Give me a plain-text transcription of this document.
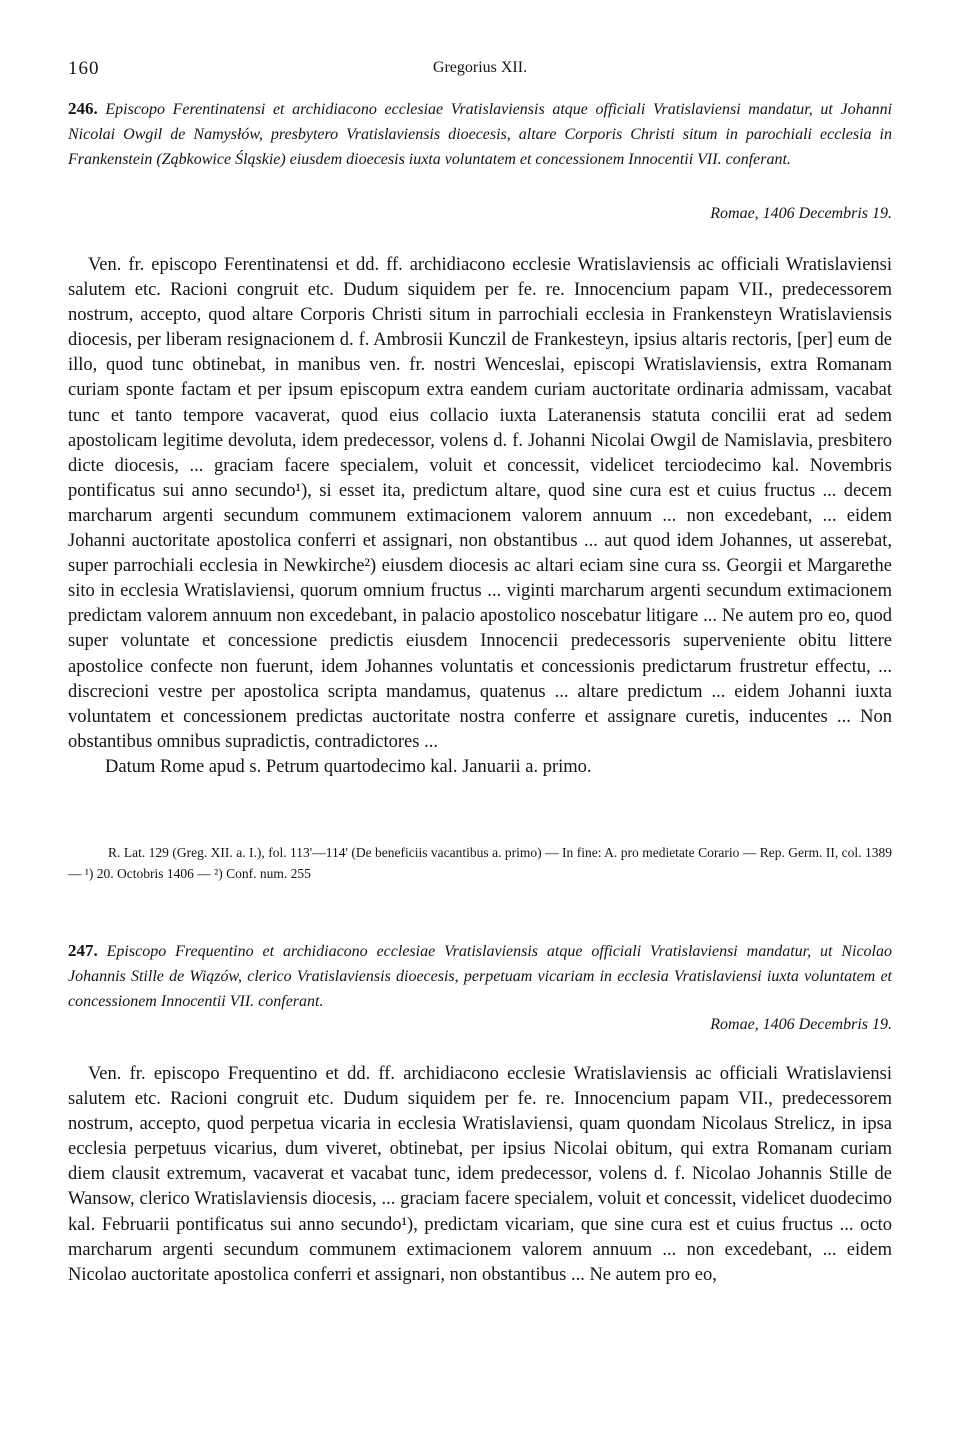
160	Gregorius XII.
246. Episcopo Ferentinatensi et archidiacono ecclesiae Vratislaviensis atque officiali Vratislaviensi mandatur, ut Johanni Nicolai Owgil de Namysłów, presbytero Vratislaviensis dioecesis, altare Corporis Christi situm in parochiali ecclesia in Frankenstein (Ząbkowice Śląskie) eiusdem dioecesis iuxta voluntatem et concessionem Innocentii VII. conferant.
Romae, 1406 Decembris 19.

Ven. fr. episcopo Ferentinatensi et dd. ff. archidiacono ecclesie Wratislaviensis ac officiali Wratislaviensi salutem etc. Racioni congruit etc. Dudum siquidem per fe. re. Innocencium papam VII., predecessorem nostrum, accepto, quod altare Corporis Christi situm in parrochiali ecclesia in Frankensteyn Wratislaviensis diocesis, per liberam resignacionem d. f. Ambrosii Kunczil de Frankesteyn, ipsius altaris rectoris, [per] eum de illo, quod tunc obtinebat, in manibus ven. fr. nostri Wenceslai, episcopi Wratislaviensis, extra Romanam curiam sponte factam et per ipsum episcopum extra eandem curiam auctoritate ordinaria admissam, vacabat tunc et tanto tempore vacaverat, quod eius collacio iuxta Lateranensis statuta concilii erat ad sedem apostolicam legitime devoluta, idem predecessor, volens d. f. Johanni Nicolai Owgil de Namislavia, presbitero dicte diocesis, ... graciam facere specialem, voluit et concessit, videlicet terciodecimo kal. Novembris pontificatus sui anno secundo¹), si esset ita, predictum altare, quod sine cura est et cuius fructus ... decem marcharum argenti secundum communem extimacionem valorem annuum ... non excedebant, ... eidem Johanni auctoritate apostolica conferri et assignari, non obstantibus ... aut quod idem Johannes, ut asserebat, super parrochiali ecclesia in Newkirche²) eiusdem diocesis ac altari eciam sine cura ss. Georgii et Margarethe sito in ecclesia Wratislaviensi, quorum omnium fructus ... viginti marcharum argenti secundum extimacionem predictam valorem annuum non excedebant, in palacio apostolico noscebatur litigare ... Ne autem pro eo, quod super voluntate et concessione predictis eiusdem Innocencii predecessoris superveniente obitu littere apostolice confecte non fuerunt, idem Johannes voluntatis et concessionis predictarum frustretur effectu, ... discrecioni vestre per apostolica scripta mandamus, quatenus ... altare predictum ... eidem Johanni iuxta voluntatem et concessionem predictas auctoritate nostra conferre et assignare curetis, inducentes ... Non obstantibus omnibus supradictis, contradictores ...

Datum Rome apud s. Petrum quartodecimo kal. Januarii a. primo.

R. Lat. 129 (Greg. XII. a. I.), fol. 113'—114' (De beneficiis vacantibus a. primo) — In fine: A. pro medietate Corario — Rep. Germ. II, col. 1389 — ¹) 20. Octobris 1406 — ²) Conf. num. 255
247. Episcopo Frequentino et archidiacono ecclesiae Vratislaviensis atque officiali Vratislaviensi mandatur, ut Nicolao Johannis Stille de Wiązów, clerico Vratislaviensis dioecesis, perpetuam vicariam in ecclesia Vratislaviensi iuxta voluntatem et concessionem Innocentii VII. conferant.
Romae, 1406 Decembris 19.

Ven. fr. episcopo Frequentino et dd. ff. archidiacono ecclesie Wratislaviensis ac officiali Wratislaviensi salutem etc. Racioni congruit etc. Dudum siquidem per fe. re. Innocencium papam VII., predecessorem nostrum, accepto, quod perpetua vicaria in ecclesia Wratislaviensi, quam quondam Nicolaus Strelicz, in ipsa ecclesia perpetuus vicarius, dum viveret, obtinebat, per ipsius Nicolai obitum, qui extra Romanam curiam diem clausit extremum, vacaverat et vacabat tunc, idem predecessor, volens d. f. Nicolao Johannis Stille de Wansow, clerico Wratislaviensis diocesis, ... graciam facere specialem, voluit et concessit, videlicet duodecimo kal. Februarii pontificatus sui anno secundo¹), predictam vicariam, que sine cura est et cuius fructus ... octo marcharum argenti secundum communem extimacionem valorem annuum ... non excedebant, ... eidem Nicolao auctoritate apostolica conferri et assignari, non obstantibus ... Ne autem pro eo,
